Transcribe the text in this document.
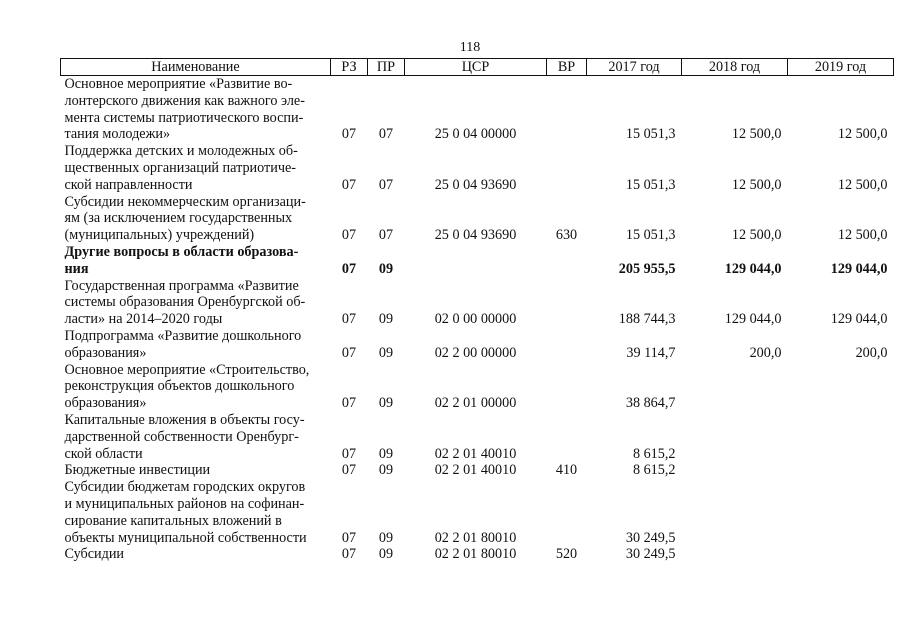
118
Наименование	РЗ	ПР	ЦСР	ВР	2017 год	2018 год	2019 год

Основное мероприятие «Развитие во-
лонтерского движения как важного эле-
мента системы патриотического воспи-
тания молодежи»	07	07	25 0 04 00000		15 051,3	12 500,0	12 500,0

Поддержка детских и молодежных об-
щественных организаций патриотиче-
ской направленности	07	07	25 0 04 93690		15 051,3	12 500,0	12 500,0

Субсидии некоммерческим организаци-
ям (за исключением государственных
(муниципальных) учреждений)	07	07	25 0 04 93690	630	15 051,3	12 500,0	12 500,0

Другие вопросы в области образова-
ния	07	09			205 955,5	129 044,0	129 044,0

Государственная программа «Развитие
системы образования Оренбургской об-
ласти» на 2014–2020 годы	07	09	02 0 00 00000		188 744,3	129 044,0	129 044,0

Подпрограмма «Развитие дошкольного
образования»	07	09	02 2 00 00000		39 114,7	200,0	200,0

Основное мероприятие «Строительство,
реконструкция объектов дошкольного
образования»	07	09	02 2 01 00000		38 864,7		

Капитальные вложения в объекты госу-
дарственной собственности Оренбург-
ской области	07	09	02 2 01 40010		8 615,2		

Бюджетные инвестиции	07	09	02 2 01 40010	410	8 615,2		

Субсидии бюджетам городских округов
и муниципальных районов на софинан-
сирование капитальных вложений в
объекты муниципальной собственности	07	09	02 2 01 80010		30 249,5		

Субсидии	07	09	02 2 01 80010	520	30 249,5		
